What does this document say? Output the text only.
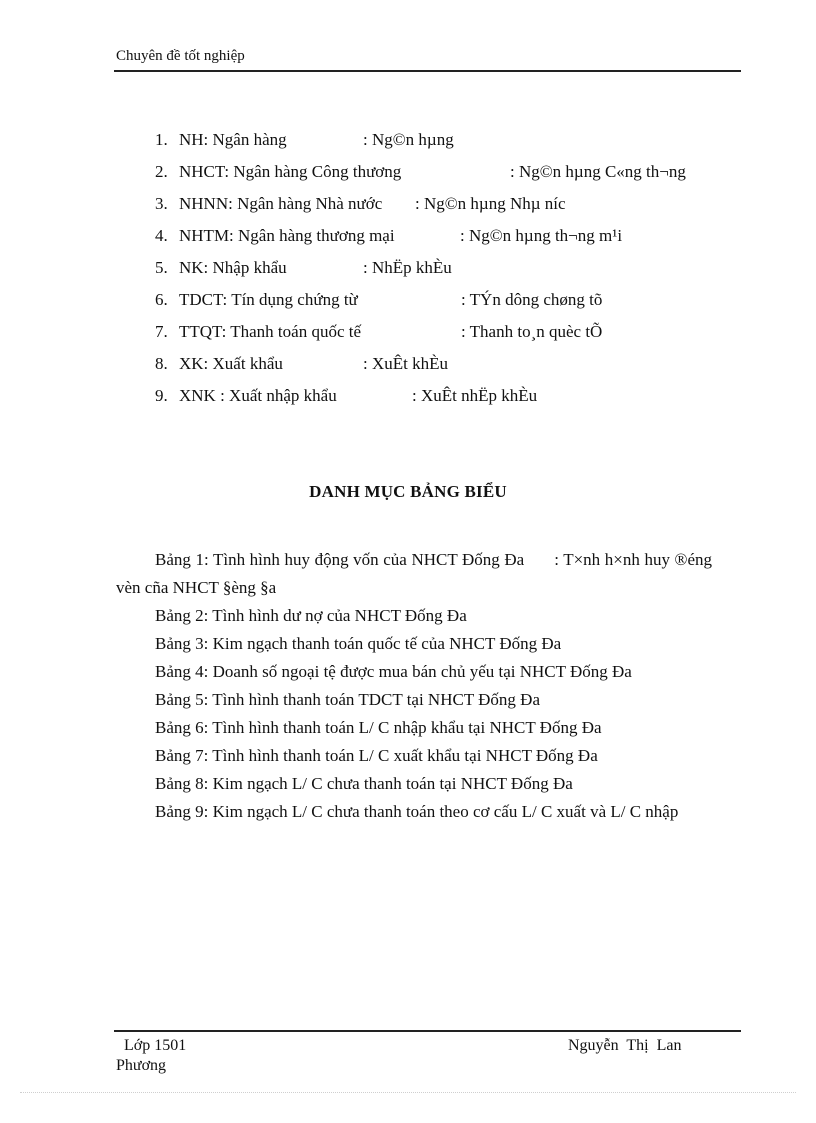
Chuyên đề tốt nghiệp
1. NH: Ngân hàng	: Ng©n hµng
2. NHCT: Ngân hàng Công thương	: Ng©n hµng C«ng th¬ng
3. NHNN: Ngân hàng Nhà nước : Ng©n hµng Nhµ níc
4. NHTM: Ngân hàng thương mại	: Ng©n hµng th¬ng m¹i
5. NK: Nhập khẩu	: NhËp khÈu
6. TDCT: Tín dụng chứng từ	: TÝn dông chøng tõ
7. TTQT: Thanh toán quốc tế	: Thanh to¸n quèc tÕ
8. XK: Xuất khẩu	: XuÊt khÈu
9. XNK : Xuất nhập khẩu	: XuÊt nhËp khÈu
DANH MỤC BẢNG BIỂU

Bảng 1: Tình hình huy động vốn của NHCT Đống Đa : T×nh h×nh huy ®éng vèn cña NHCT §èng §a

Bảng 2: Tình hình dư nợ của NHCT Đống Đa

Bảng 3: Kim ngạch thanh toán quốc tế của NHCT Đống Đa

Bảng 4: Doanh số ngoại tệ được mua bán chủ yếu tại NHCT Đống Đa

Bảng 5: Tình hình thanh toán TDCT tại NHCT Đống Đa

Bảng 6: Tình hình thanh toán L/ C nhập khẩu tại NHCT Đống Đa

Bảng 7: Tình hình thanh toán L/ C xuất khẩu tại NHCT Đống Đa

Bảng 8: Kim ngạch L/ C chưa thanh toán tại NHCT Đống Đa

Bảng 9: Kim ngạch L/ C chưa thanh toán theo cơ cấu L/ C xuất và L/ C nhập

Lớp 1501	Nguyễn Thị Lan
Phương
